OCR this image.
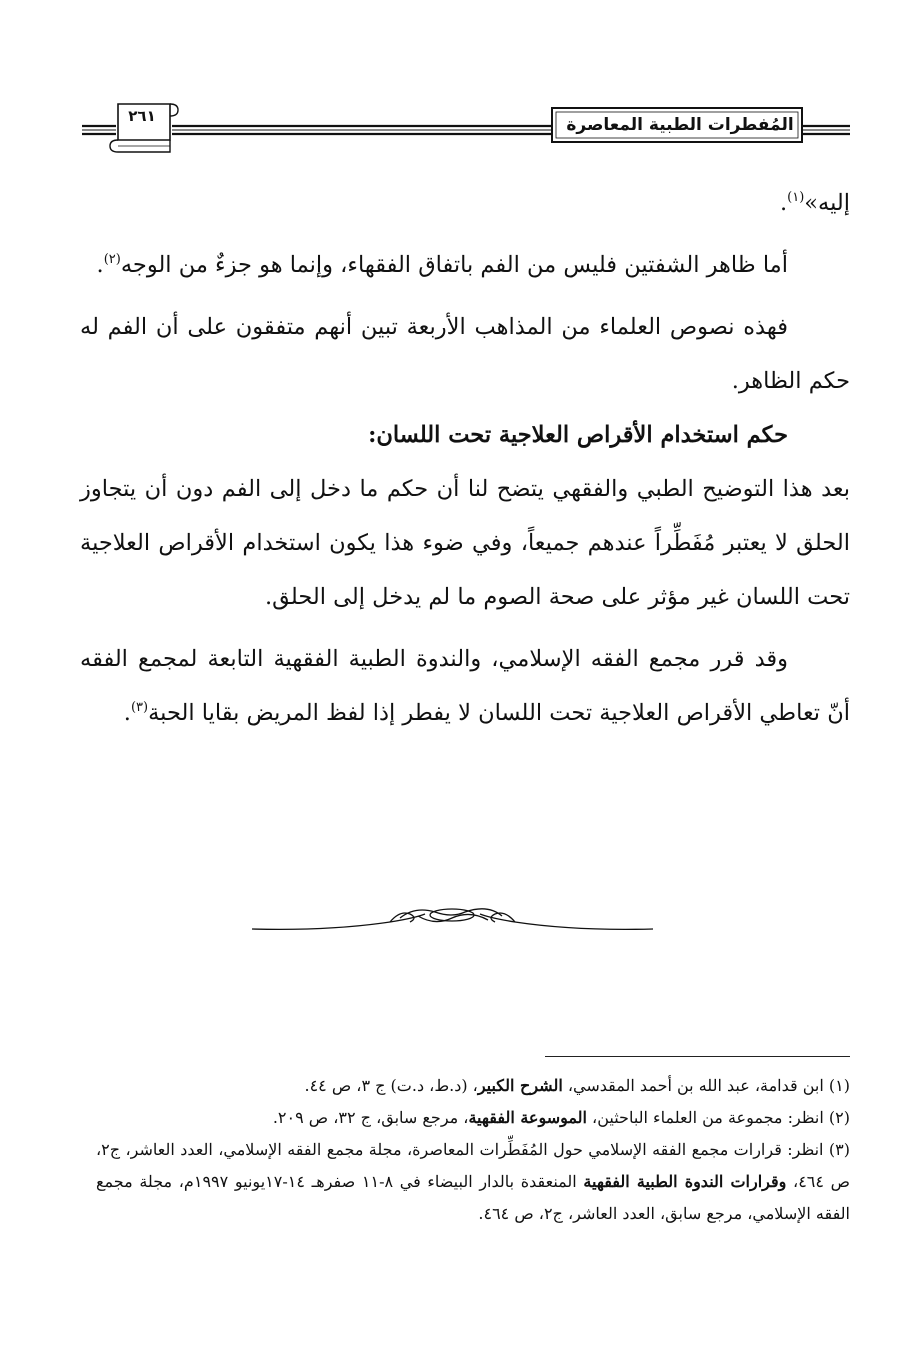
المُفطرات الطبية المعاصرة
٢٦١

إليه»$^{(١)}$.

أما ظاهر الشفتين فليس من الفم باتفاق الفقهاء، وإنما هو جزءٌ من الوجه$^{(٢)}$.

فهذه نصوص العلماء من المذاهب الأربعة تبين أنهم متفقون على أن الفم له حكم الظاهر.

حكم استخدام الأقراص العلاجية تحت اللسان:

بعد هذا التوضيح الطبي والفقهي يتضح لنا أن حكم ما دخل إلى الفم دون أن يتجاوز الحلق لا يعتبر مُفَطِّراً عندهم جميعاً، وفي ضوء هذا يكون استخدام الأقراص العلاجية تحت اللسان غير مؤثر على صحة الصوم ما لم يدخل إلى الحلق.

وقد قرر مجمع الفقه الإسلامي، والندوة الطبية الفقهية التابعة لمجمع الفقه أنّ تعاطي الأقراص العلاجية تحت اللسان لا يفطر إذا لفظ المريض بقايا الحبة$^{(٣)}$.

(١) ابن قدامة، عبد الله بن أحمد المقدسي، الشرح الكبير، (د.ط، د.ت) ج ٣، ص ٤٤.

(٢) انظر: مجموعة من العلماء الباحثين، الموسوعة الفقهية، مرجع سابق، ج ٣٢، ص ٢٠٩.

(٣) انظر: قرارات مجمع الفقه الإسلامي حول المُفَطِّرات المعاصرة، مجلة مجمع الفقه الإسلامي، العدد العاشر، ج٢، ص ٤٦٤، وقرارات الندوة الطبية الفقهية المنعقدة بالدار البيضاء في ٨-١١ صفرهـ ١٤-١٧يونيو ١٩٩٧م، مجلة مجمع الفقه الإسلامي، مرجع سابق، العدد العاشر، ج٢، ص ٤٦٤.
